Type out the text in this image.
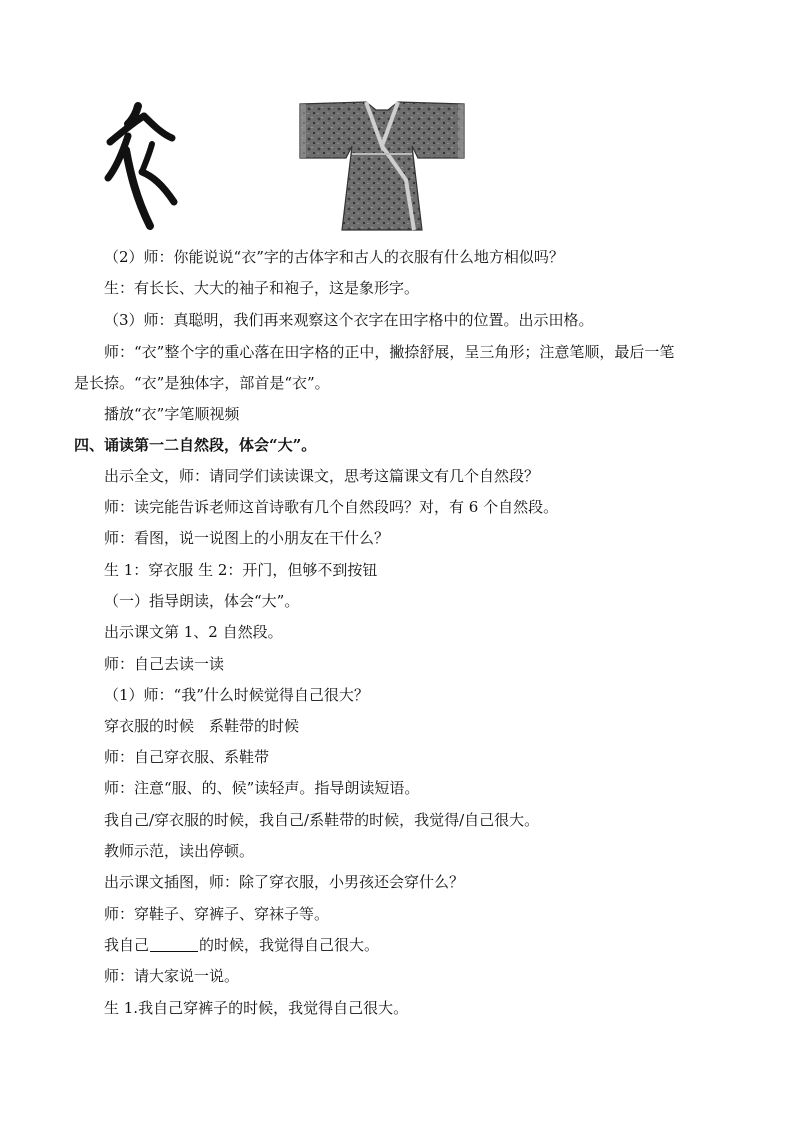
（2）师：你能说说“衣”字的古体字和古人的衣服有什么地方相似吗？
生：有长长、大大的袖子和袍子，这是象形字。
（3）师：真聪明，我们再来观察这个衣字在田字格中的位置。出示田格。
师：“衣”整个字的重心落在田字格的正中，撇捺舒展，呈三角形；注意笔顺，最后一笔
是长捺。“衣”是独体字，部首是“衣”。
播放“衣”字笔顺视频
四、诵读第一二自然段，体会“大”。
出示全文，师：请同学们读读课文，思考这篇课文有几个自然段？
师：读完能告诉老师这首诗歌有几个自然段吗？对，有 6 个自然段。
师：看图，说一说图上的小朋友在干什么？
生 1：穿衣服 生 2：开门，但够不到按钮
（一）指导朗读，体会“大”。
出示课文第 1、2 自然段。
师：自己去读一读
（1）师：“我”什么时候觉得自己很大？
穿衣服的时候　系鞋带的时候
师：自己穿衣服、系鞋带
师：注意“服、的、候”读轻声。指导朗读短语。
我自己/穿衣服的时候，我自己/系鞋带的时候，我觉得/自己很大。
教师示范，读出停顿。
出示课文插图，师：除了穿衣服，小男孩还会穿什么？
师：穿鞋子、穿裤子、穿袜子等。
我自己	的时候，我觉得自己很大。
师：请大家说一说。
生 1.我自己穿裤子的时候，我觉得自己很大。
